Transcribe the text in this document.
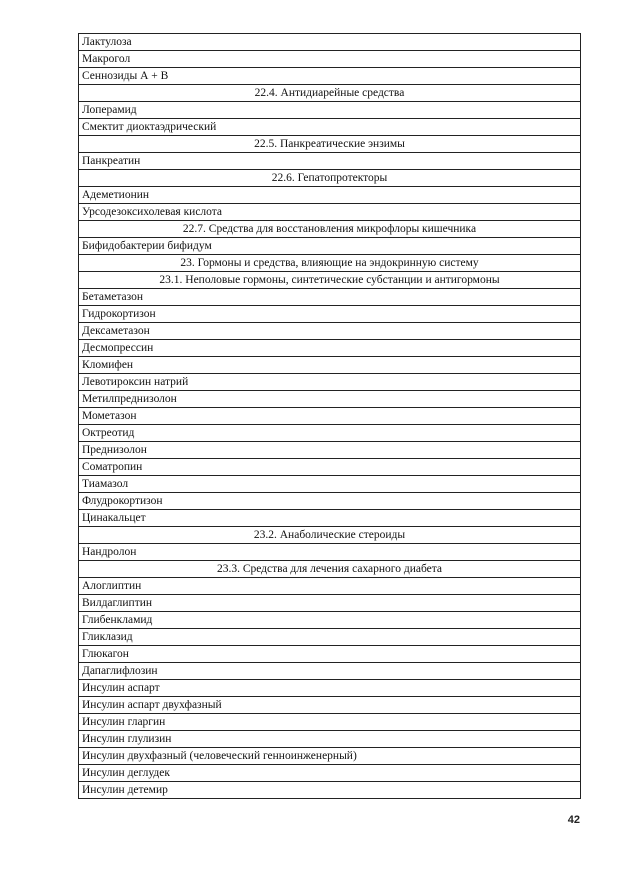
Лактулоза
Макрогол
Сеннозиды А + В
22.4. Антидиарейные средства
Лоперамид
Смектит диоктаэдрический
22.5. Панкреатические энзимы
Панкреатин
22.6. Гепатопротекторы
Адеметионин
Урсодезоксихолевая кислота
22.7. Средства для восстановления микрофлоры кишечника
Бифидобактерии бифидум
23. Гормоны и средства, влияющие на эндокринную систему
23.1. Неполовые гормоны, синтетические субстанции и антигормоны
Бетаметазон
Гидрокортизон
Дексаметазон
Десмопрессин
Кломифен
Левотироксин натрий
Метилпреднизолон
Мометазон
Октреотид
Преднизолон
Соматропин
Тиамазол
Флудрокортизон
Цинакальцет
23.2. Анаболические стероиды
Нандролон
23.3. Средства для лечения сахарного диабета
Алоглиптин
Вилдаглиптин
Глибенкламид
Гликлазид
Глюкагон
Дапаглифлозин
Инсулин аспарт
Инсулин аспарт двухфазный
Инсулин гларгин
Инсулин глулизин
Инсулин двухфазный (человеческий генноинженерный)
Инсулин деглудек
Инсулин детемир
42
